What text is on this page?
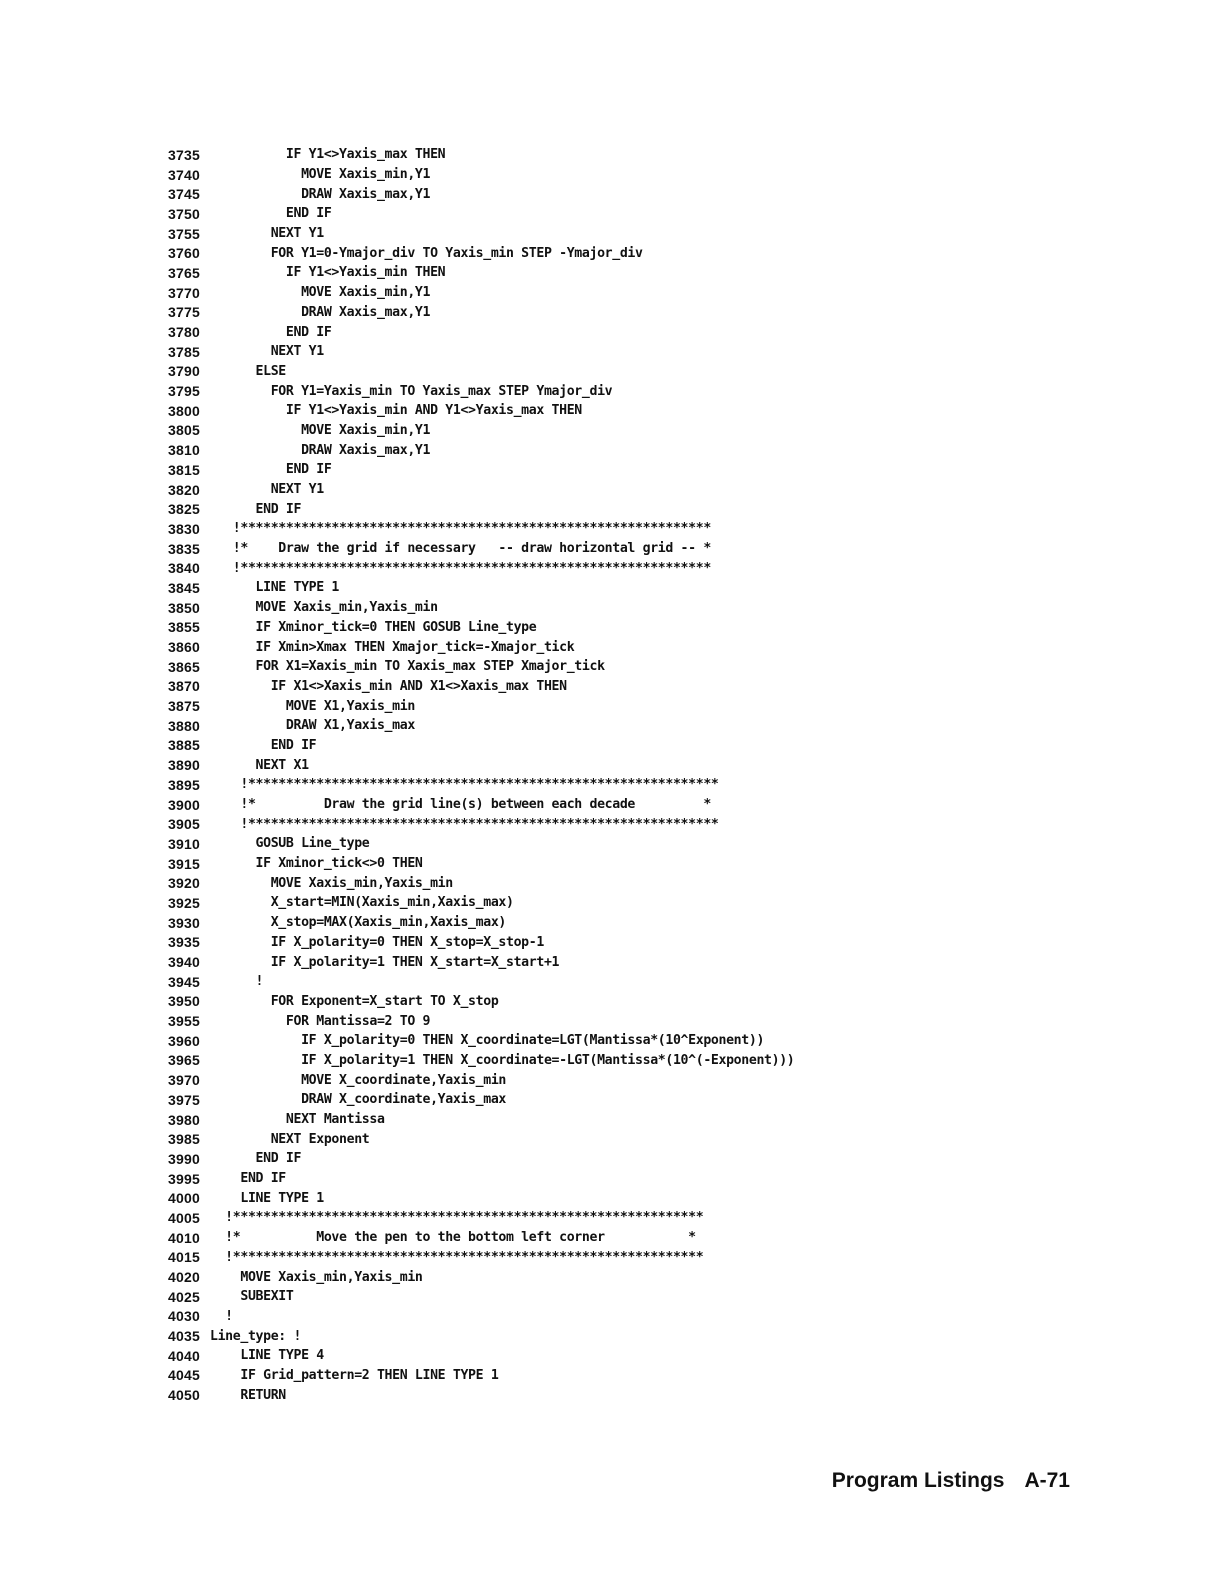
3735 IF Y1<>Yaxis_max THEN
3740 MOVE Xaxis_min,Y1
3745 DRAW Xaxis_max,Y1
3750 END IF
3755 NEXT Y1
3760 FOR Y1=0-Ymajor_div TO Yaxis_min STEP -Ymajor_div
3765 IF Y1<>Yaxis_min THEN
3770 MOVE Xaxis_min,Y1
3775 DRAW Xaxis_max,Y1
3780 END IF
3785 NEXT Y1
3790 ELSE
3795 FOR Y1=Yaxis_min TO Yaxis_max STEP Ymajor_div
3800 IF Y1<>Yaxis_min AND Y1<>Yaxis_max THEN
3805 MOVE Xaxis_min,Y1
3810 DRAW Xaxis_max,Y1
3815 END IF
3820 NEXT Y1
3825 END IF
3830 !**************************************************************
3835 !*    Draw the grid if necessary   -- draw horizontal grid -- *
3840 !**************************************************************
3845 LINE TYPE 1
3850 MOVE Xaxis_min,Yaxis_min
3855 IF Xminor_tick=0 THEN GOSUB Line_type
3860 IF Xmin>Xmax THEN Xmajor_tick=-Xmajor_tick
3865 FOR X1=Xaxis_min TO Xaxis_max STEP Xmajor_tick
3870 IF X1<>Xaxis_min AND X1<>Xaxis_max THEN
3875 MOVE X1,Yaxis_min
3880 DRAW X1,Yaxis_max
3885 END IF
3890 NEXT X1
3895 !**************************************************************
3900 !*         Draw the grid line(s) between each decade         *
3905 !**************************************************************
3910 GOSUB Line_type
3915 IF Xminor_tick<>0 THEN
3920 MOVE Xaxis_min,Yaxis_min
3925 X_start=MIN(Xaxis_min,Xaxis_max)
3930 X_stop=MAX(Xaxis_min,Xaxis_max)
3935 IF X_polarity=0 THEN X_stop=X_stop-1
3940 IF X_polarity=1 THEN X_start=X_start+1
3945 !
3950 FOR Exponent=X_start TO X_stop
3955 FOR Mantissa=2 TO 9
3960 IF X_polarity=0 THEN X_coordinate=LGT(Mantissa*(10^Exponent))
3965 IF X_polarity=1 THEN X_coordinate=-LGT(Mantissa*(10^(-Exponent)))
3970 MOVE X_coordinate,Yaxis_min
3975 DRAW X_coordinate,Yaxis_max
3980 NEXT Mantissa
3985 NEXT Exponent
3990 END IF
3995 END IF
4000 LINE TYPE 1
4005 !**************************************************************
4010 !*          Move the pen to the bottom left corner           *
4015 !**************************************************************
4020 MOVE Xaxis_min,Yaxis_min
4025 SUBEXIT
4030 !
4035 Line_type: !
4040 LINE TYPE 4
4045 IF Grid_pattern=2 THEN LINE TYPE 1
4050 RETURN
Program Listings A-71
